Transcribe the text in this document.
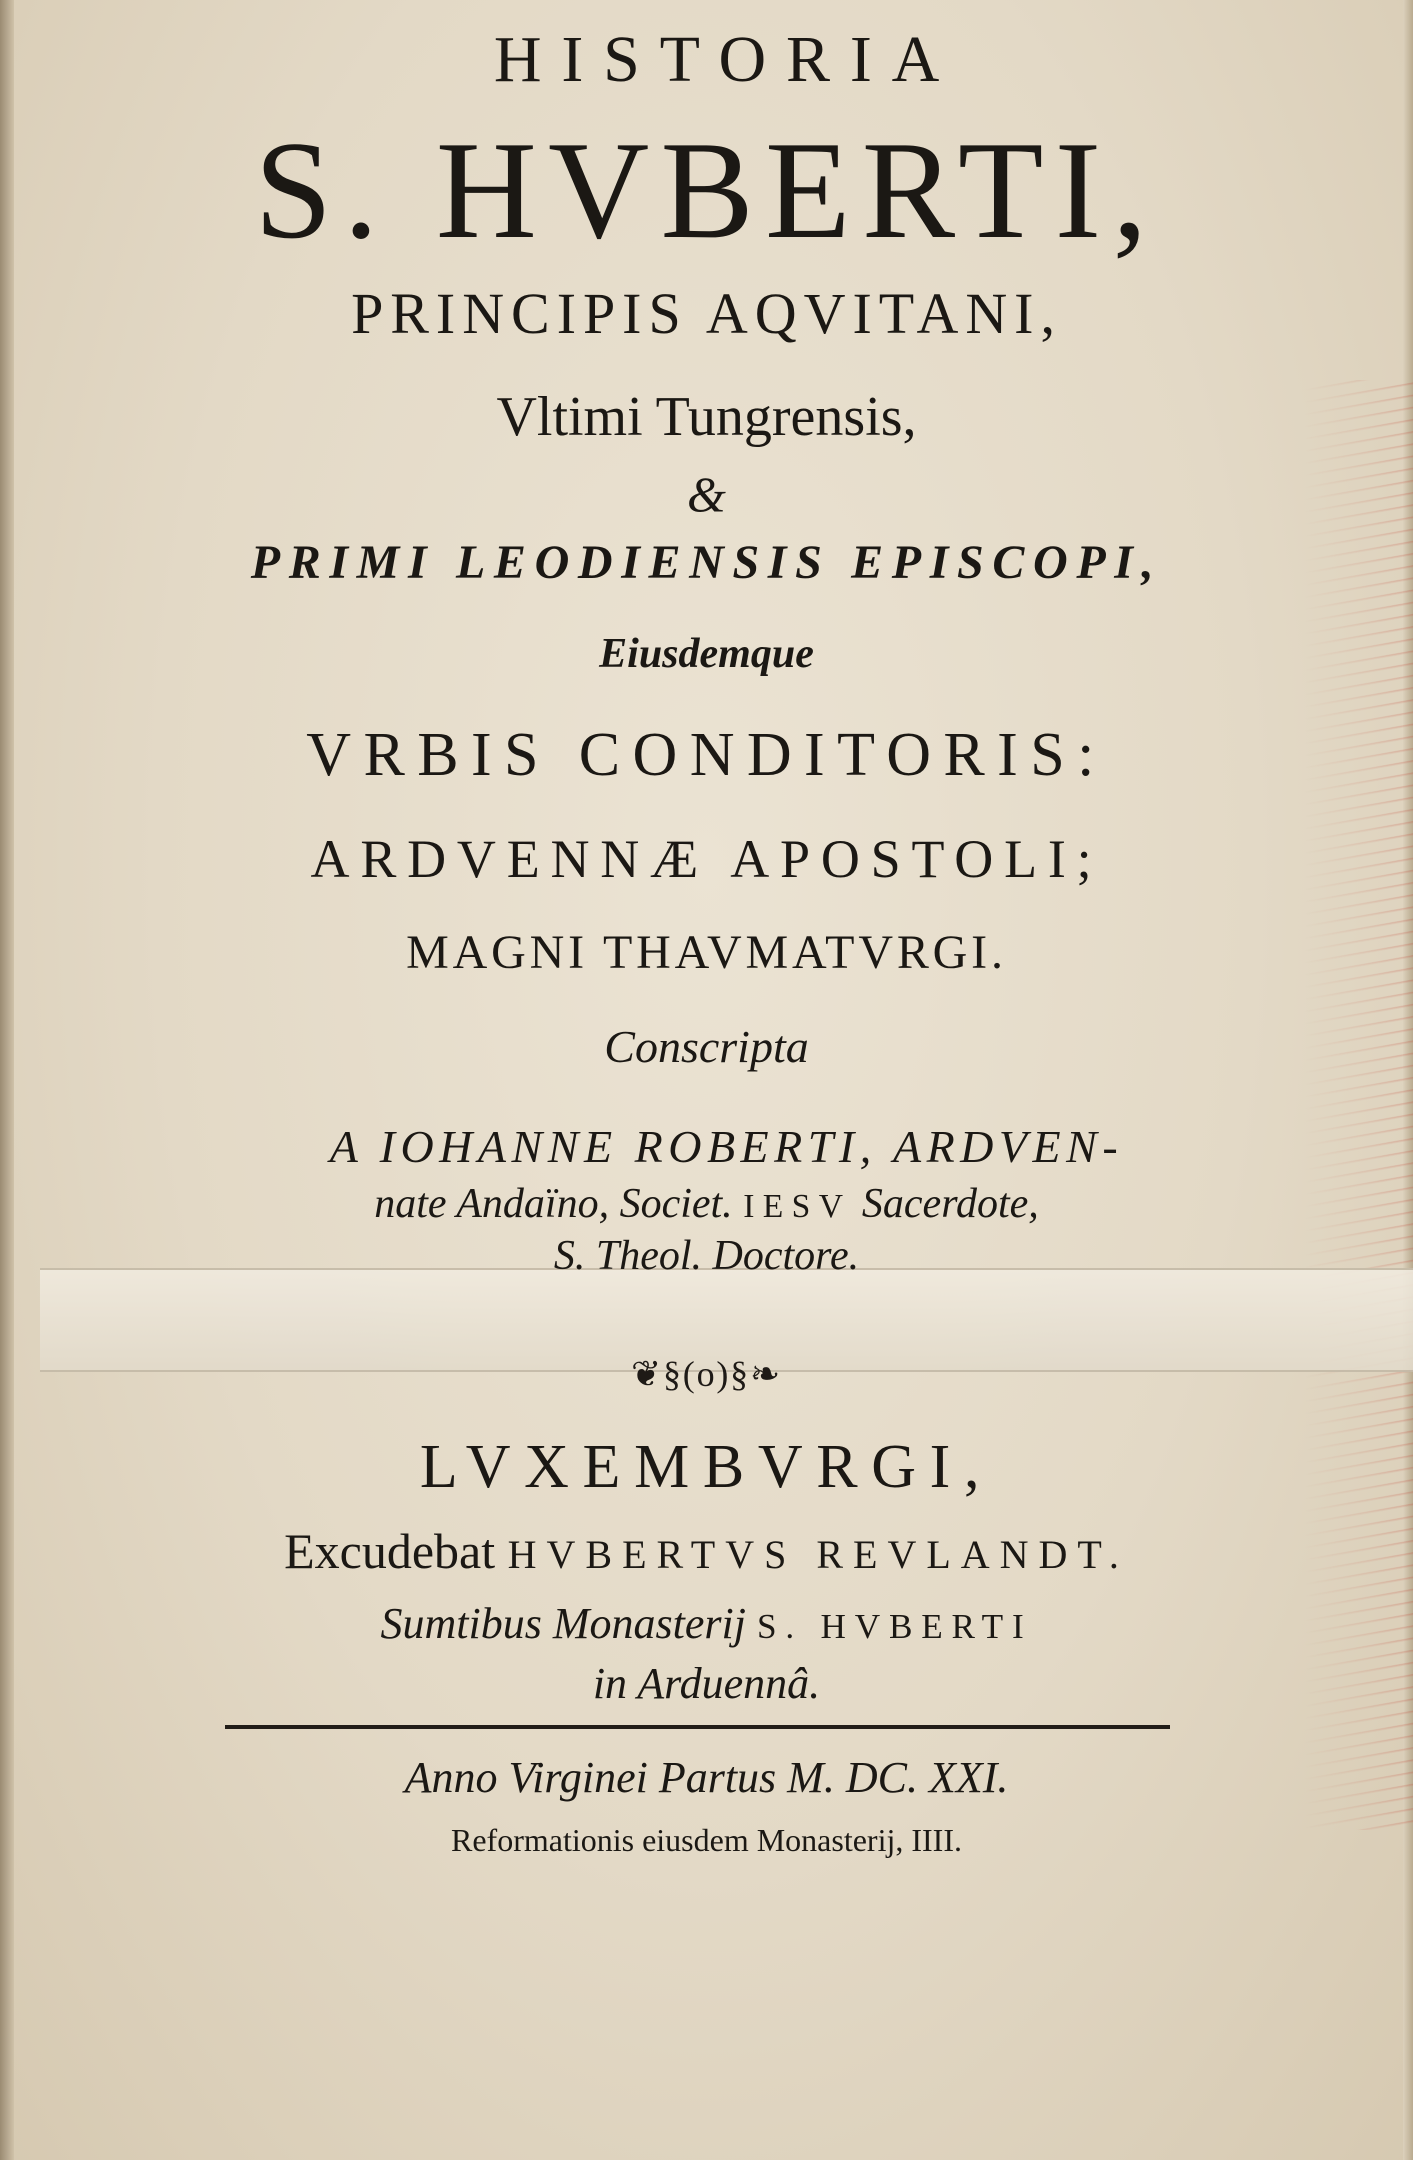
HISTORIA
S. HVBERTI,
PRINCIPIS AQVITANI,
Vltimi Tungrensis,
&
PRIMI LEODIENSIS EPISCOPI,
Eiusdemque
VRBIS CONDITORIS:
ARDVENNÆ APOSTOLI;
MAGNI THAVMATVRGI.
Conscripta
A IOHANNE ROBERTI, ARDVEN-
nate Andaïno, Societ. IESV Sacerdote,
S. Theol. Doctore.
❦§(o)§❧
LVXEMBVRGI,
Excudebat HVBERTVS REVLANDT.
Sumtibus Monasterij S. HVBERTI
in Arduennâ.
Anno Virginei Partus M. DC. XXI.
Reformationis eiusdem Monasterij, IIII.
